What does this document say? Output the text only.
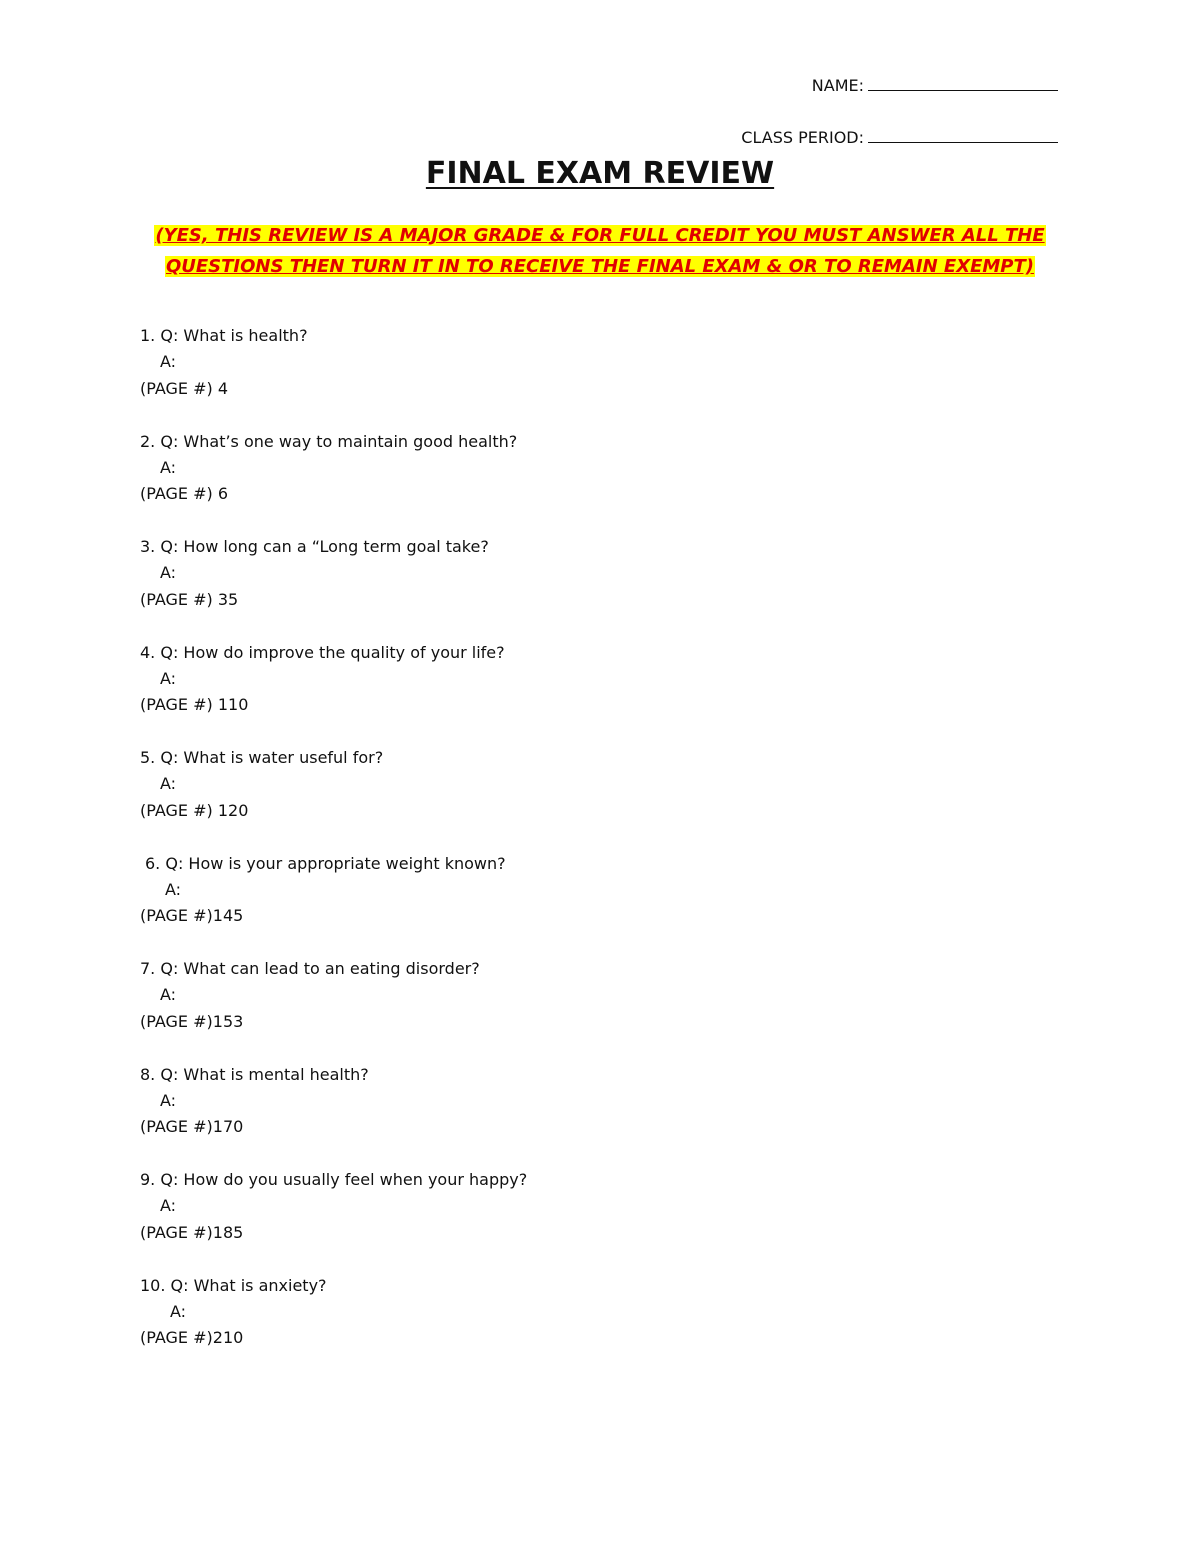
NAME:
CLASS PERIOD:
FINAL EXAM REVIEW
(YES, THIS REVIEW IS A MAJOR GRADE & FOR FULL CREDIT YOU MUST ANSWER ALL THE
QUESTIONS THEN TURN IT IN TO RECEIVE THE FINAL EXAM & OR TO REMAIN EXEMPT)
1. Q: What is health?
A:
(PAGE #) 4
2. Q: What’s one way to maintain good health?
A:
(PAGE #) 6
3. Q: How long can a “Long term goal take?
A:
(PAGE #) 35
4. Q: How do improve the quality of your life?
A:
(PAGE #) 110
5. Q: What is water useful for?
A:
(PAGE #) 120
6. Q: How is your appropriate weight known?
A:
(PAGE #)145
7. Q: What can lead to an eating disorder?
A:
(PAGE #)153
8. Q: What is mental health?
A:
(PAGE #)170
9. Q: How do you usually feel when your happy?
A:
(PAGE #)185
10. Q: What is anxiety?
A:
(PAGE #)210
